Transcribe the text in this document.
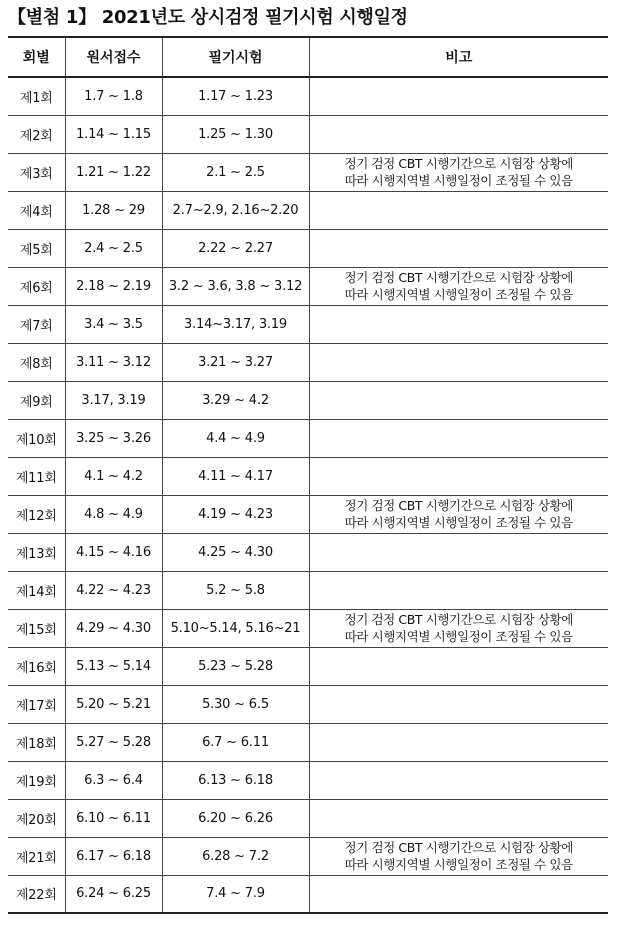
【별첨 1】 2021년도 상시검정 필기시험 시행일정
회별	원서접수	필기시험	비고
제1회	1.7 ~ 1.8	1.17 ~ 1.23	
제2회	1.14 ~ 1.15	1.25 ~ 1.30	
제3회	1.21 ~ 1.22	2.1 ~ 2.5	정기 검정 CBT 시행기간으로 시험장 상황에
따라 시행지역별 시행일정이 조정될 수 있음

제4회	1.28 ~ 29	2.7~2.9, 2.16~2.20	
제5회	2.4 ~ 2.5	2.22 ~ 2.27	
제6회	2.18 ~ 2.19	3.2 ~ 3.6, 3.8 ~ 3.12	정기 검정 CBT 시행기간으로 시험장 상황에
따라 시행지역별 시행일정이 조정될 수 있음

제7회	3.4 ~ 3.5	3.14~3.17, 3.19	
제8회	3.11 ~ 3.12	3.21 ~ 3.27	
제9회	3.17, 3.19	3.29 ~ 4.2	
제10회	3.25 ~ 3.26	4.4 ~ 4.9	
제11회	4.1 ~ 4.2	4.11 ~ 4.17	
제12회	4.8 ~ 4.9	4.19 ~ 4.23	정기 검정 CBT 시행기간으로 시험장 상황에
따라 시행지역별 시행일정이 조정될 수 있음

제13회	4.15 ~ 4.16	4.25 ~ 4.30	
제14회	4.22 ~ 4.23	5.2 ~ 5.8	
제15회	4.29 ~ 4.30	5.10~5.14, 5.16~21	정기 검정 CBT 시행기간으로 시험장 상황에
따라 시행지역별 시행일정이 조정될 수 있음

제16회	5.13 ~ 5.14	5.23 ~ 5.28	
제17회	5.20 ~ 5.21	5.30 ~ 6.5	
제18회	5.27 ~ 5.28	6.7 ~ 6.11	
제19회	6.3 ~ 6.4	6.13 ~ 6.18	
제20회	6.10 ~ 6.11	6.20 ~ 6.26	
제21회	6.17 ~ 6.18	6.28 ~ 7.2	정기 검정 CBT 시행기간으로 시험장 상황에
따라 시행지역별 시행일정이 조정될 수 있음

제22회	6.24 ~ 6.25	7.4 ~ 7.9	
